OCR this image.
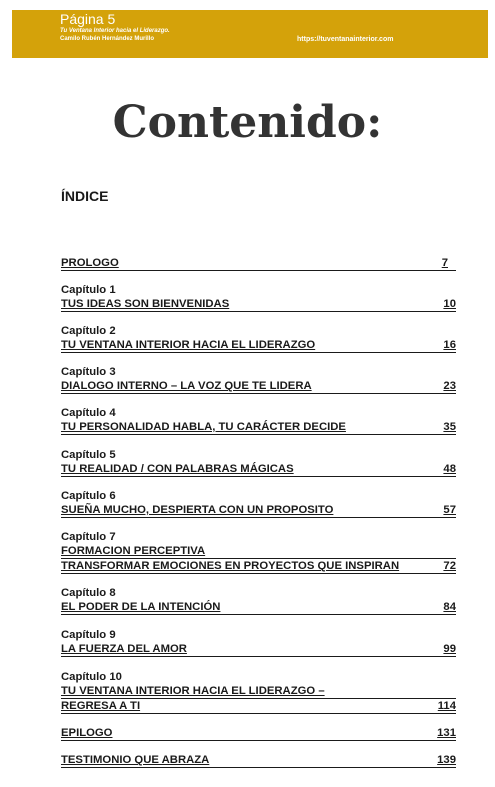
Página 5
Tu Ventana Interior hacia el Liderazgo.
Camilo Rubén Hernández Murillo	https://tuventanainterior.com
Contenido:
ÍNDICE
PROLOGO	7
Capítulo 1
TUS IDEAS SON BIENVENIDAS	10
Capítulo 2
TU VENTANA INTERIOR HACIA EL LIDERAZGO	16
Capítulo 3
DIALOGO INTERNO – LA VOZ QUE TE LIDERA	23
Capítulo 4
TU PERSONALIDAD HABLA, TU CARÁCTER DECIDE	35
Capítulo 5
TU REALIDAD / CON PALABRAS MÁGICAS	48
Capítulo 6
SUEÑA MUCHO, DESPIERTA CON UN PROPOSITO	57
Capítulo 7
FORMACION PERCEPTIVA
TRANSFORMAR EMOCIONES EN PROYECTOS QUE INSPIRAN	72
Capítulo 8
EL PODER DE LA INTENCIÓN	84
Capítulo 9
LA FUERZA DEL AMOR	99
Capítulo 10
TU VENTANA INTERIOR HACIA EL LIDERAZGO –
REGRESA A TI	114
EPILOGO	131
TESTIMONIO QUE ABRAZA	139
